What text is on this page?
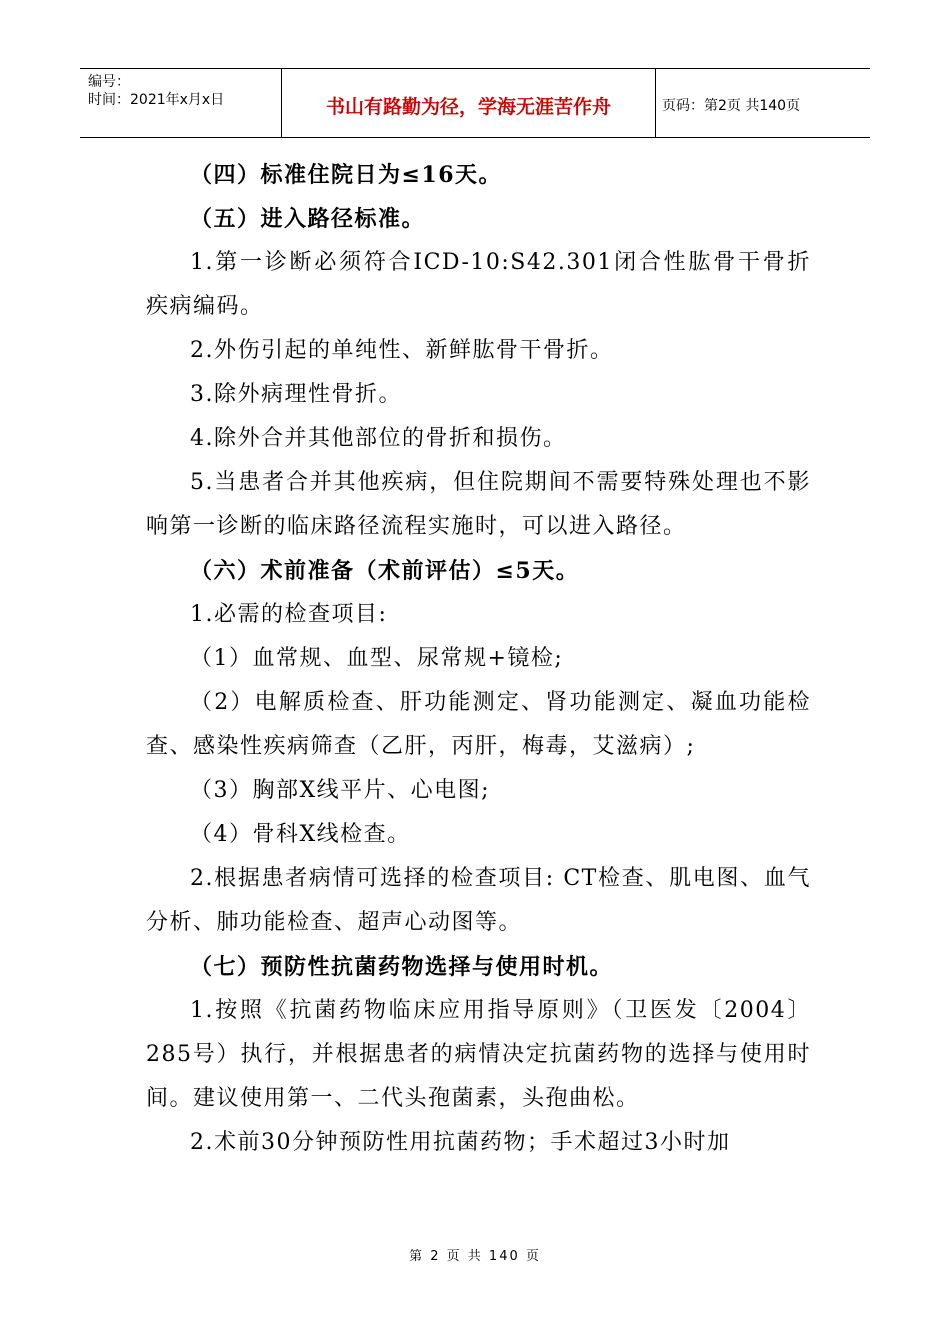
编号：
时间：2021年x月x日	书山有路勤为径，学海无涯苦作舟	页码：第2页 共140页

（四）标准住院日为≤16天。

（五）进入路径标准。

1.第一诊断必须符合ICD-10:S42.301闭合性肱骨干骨折疾病编码。

2.外伤引起的单纯性、新鲜肱骨干骨折。

3.除外病理性骨折。

4.除外合并其他部位的骨折和损伤。

5.当患者合并其他疾病，但住院期间不需要特殊处理也不影响第一诊断的临床路径流程实施时，可以进入路径。

（六）术前准备（术前评估）≤5天。

1.必需的检查项目:

（1）血常规、血型、尿常规+镜检;

（2）电解质检查、肝功能测定、肾功能测定、凝血功能检查、感染性疾病筛查（乙肝，丙肝，梅毒，艾滋病）;

（3）胸部X线平片、心电图;

（4）骨科X线检查。

2.根据患者病情可选择的检查项目: CT检查、肌电图、血气分析、肺功能检查、超声心动图等。

（七）预防性抗菌药物选择与使用时机。

1.按照《抗菌药物临床应用指导原则》（卫医发〔2004〕285号）执行，并根据患者的病情决定抗菌药物的选择与使用时间。建议使用第一、二代头孢菌素，头孢曲松。

2.术前30分钟预防性用抗菌药物；手术超过3小时加

第 2 页 共 140 页
